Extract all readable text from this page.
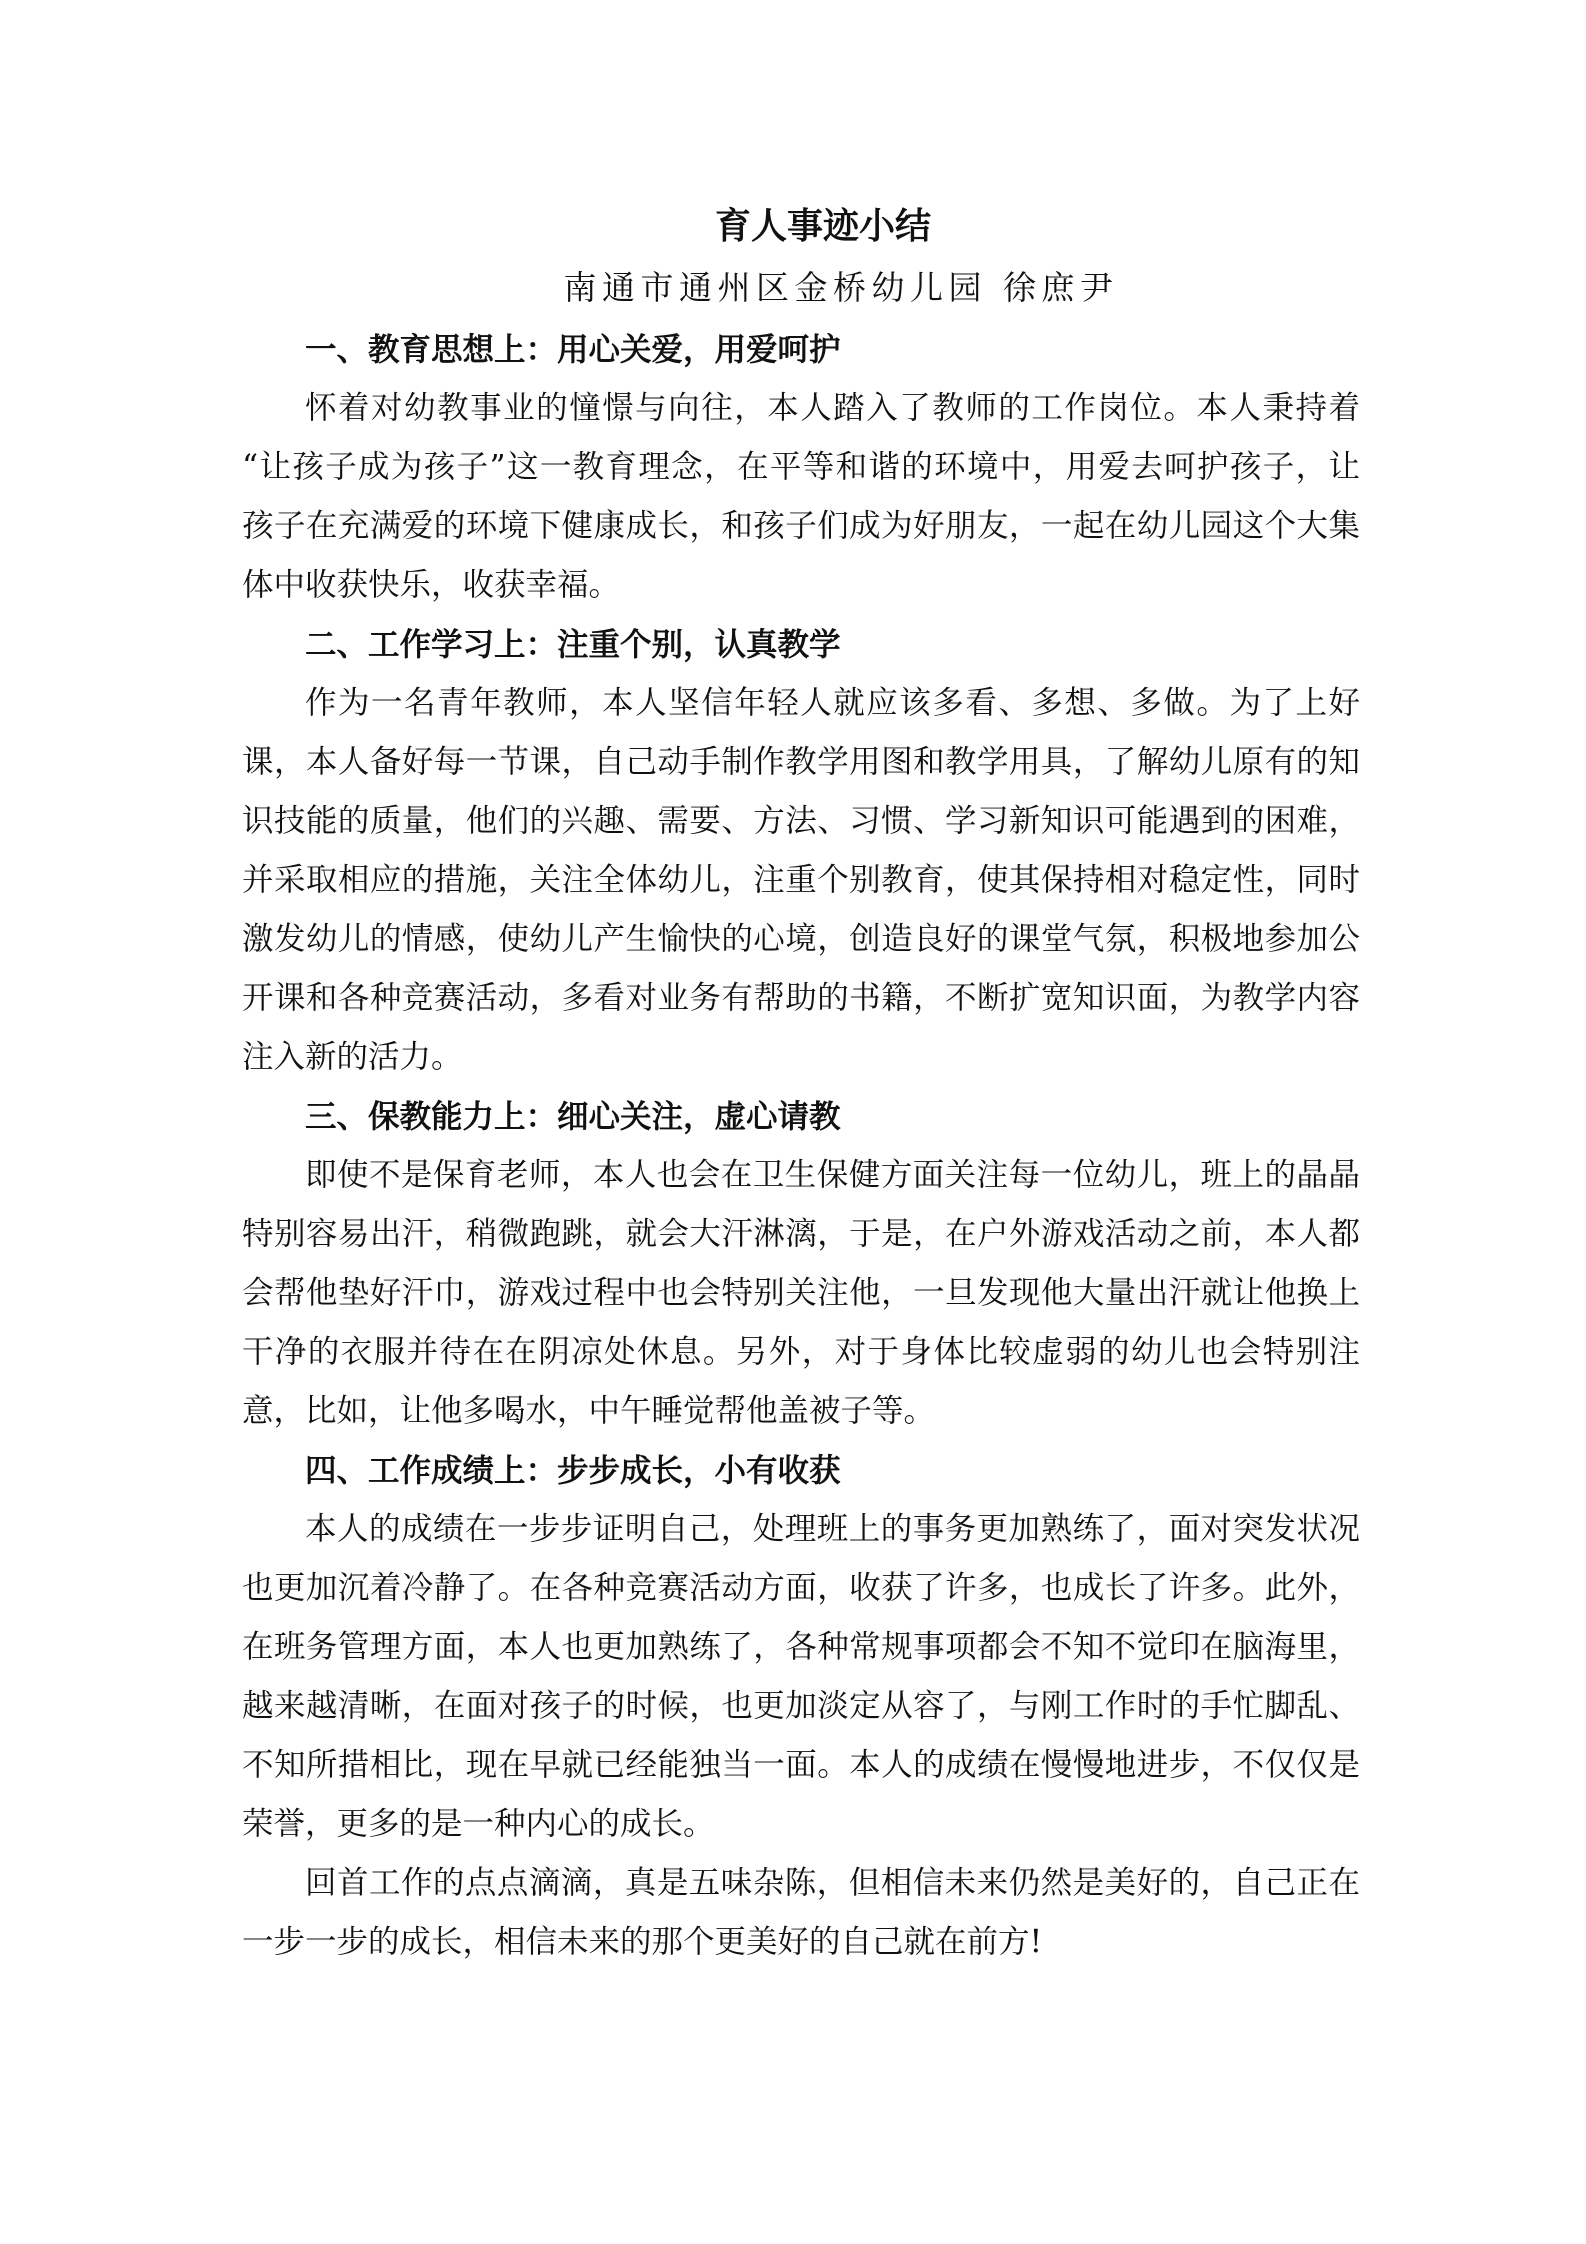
育人事迹小结
南通市通州区金桥幼儿园 徐庶尹
一、教育思想上：用心关爱，用爱呵护
怀着对幼教事业的憧憬与向往，本人踏入了教师的工作岗位。本人秉持着
“让孩子成为孩子”这一教育理念，在平等和谐的环境中，用爱去呵护孩子，让
孩子在充满爱的环境下健康成长，和孩子们成为好朋友，一起在幼儿园这个大集
体中收获快乐，收获幸福。
二、工作学习上：注重个别，认真教学
作为一名青年教师，本人坚信年轻人就应该多看、多想、多做。为了上好
课，本人备好每一节课，自己动手制作教学用图和教学用具，了解幼儿原有的知
识技能的质量，他们的兴趣、需要、方法、习惯、学习新知识可能遇到的困难，
并采取相应的措施，关注全体幼儿，注重个别教育，使其保持相对稳定性，同时
激发幼儿的情感，使幼儿产生愉快的心境，创造良好的课堂气氛，积极地参加公
开课和各种竞赛活动，多看对业务有帮助的书籍，不断扩宽知识面，为教学内容
注入新的活力。
三、保教能力上：细心关注，虚心请教
即使不是保育老师，本人也会在卫生保健方面关注每一位幼儿，班上的晶晶
特别容易出汗，稍微跑跳，就会大汗淋漓，于是，在户外游戏活动之前，本人都
会帮他垫好汗巾，游戏过程中也会特别关注他，一旦发现他大量出汗就让他换上
干净的衣服并待在在阴凉处休息。另外，对于身体比较虚弱的幼儿也会特别注
意，比如，让他多喝水，中午睡觉帮他盖被子等。
四、工作成绩上：步步成长，小有收获
本人的成绩在一步步证明自己，处理班上的事务更加熟练了，面对突发状况
也更加沉着冷静了。在各种竞赛活动方面，收获了许多，也成长了许多。此外，
在班务管理方面，本人也更加熟练了，各种常规事项都会不知不觉印在脑海里，
越来越清晰，在面对孩子的时候，也更加淡定从容了，与刚工作时的手忙脚乱、
不知所措相比，现在早就已经能独当一面。本人的成绩在慢慢地进步，不仅仅是
荣誉，更多的是一种内心的成长。
回首工作的点点滴滴，真是五味杂陈，但相信未来仍然是美好的，自己正在
一步一步的成长，相信未来的那个更美好的自己就在前方!
